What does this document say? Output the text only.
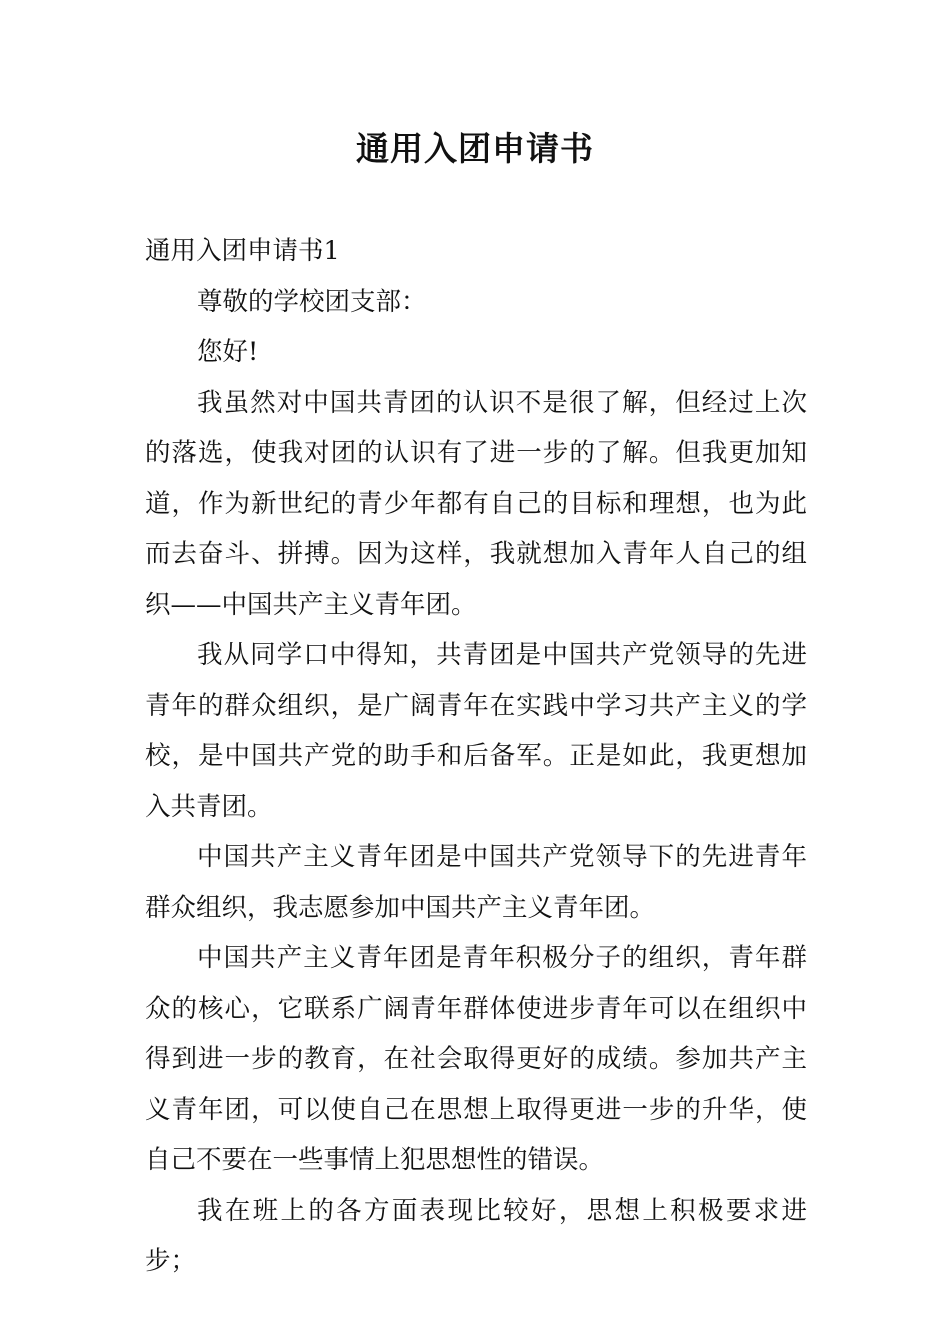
通用入团申请书

通用入团申请书1

尊敬的学校团支部：

您好!

我虽然对中国共青团的认识不是很了解，但经过上次的落选，使我对团的认识有了进一步的了解。但我更加知道，作为新世纪的青少年都有自己的目标和理想，也为此而去奋斗、拼搏。因为这样，我就想加入青年人自己的组织——中国共产主义青年团。

我从同学口中得知，共青团是中国共产党领导的先进青年的群众组织，是广阔青年在实践中学习共产主义的学校，是中国共产党的助手和后备军。正是如此，我更想加入共青团。

中国共产主义青年团是中国共产党领导下的先进青年群众组织，我志愿参加中国共产主义青年团。

中国共产主义青年团是青年积极分子的组织，青年群众的核心，它联系广阔青年群体使进步青年可以在组织中得到进一步的教育，在社会取得更好的成绩。参加共产主义青年团，可以使自己在思想上取得更进一步的升华，使自己不要在一些事情上犯思想性的错误。

我在班上的各方面表现比较好，思想上积极要求进步；
